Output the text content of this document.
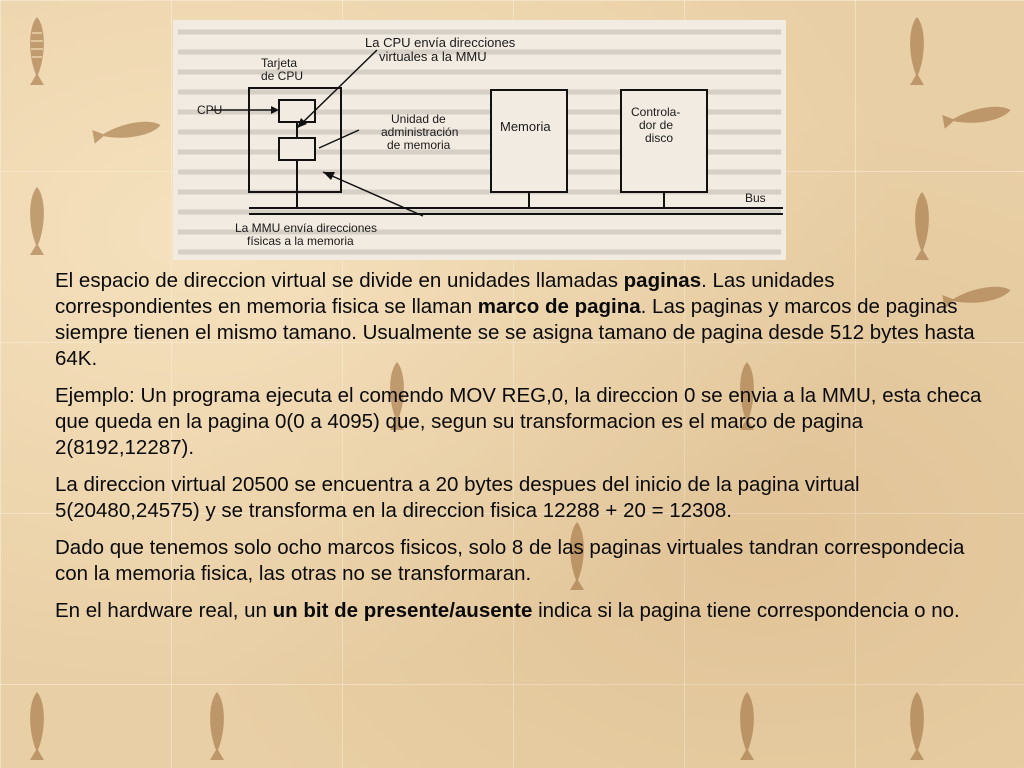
La CPU envía direcciones virtuales a la MMU
Tarjeta de CPU
CPU
Unidad de administración de memoria
Memoria
Controla- dor de disco
Bus
La MMU envía direcciones físicas a la memoria

El espacio de direccion virtual se divide en unidades llamadas paginas. Las unidades correspondientes en memoria fisica se llaman marco de pagina. Las paginas y marcos de paginas siempre tienen el mismo tamano. Usualmente se se asigna tamano de pagina desde 512 bytes hasta 64K.

Ejemplo: Un programa ejecuta el comendo MOV REG,0, la direccion 0 se envia a la MMU, esta checa que queda en la pagina 0(0 a 4095) que, segun su transformacion es el marco de pagina 2(8192,12287).

La direccion virtual 20500 se encuentra a 20 bytes despues del inicio de la pagina virtual 5(20480,24575) y se transforma en la direccion fisica 12288 + 20 = 12308.

Dado que tenemos solo ocho marcos fisicos, solo 8 de las paginas virtuales tandran correspondecia con la memoria fisica, las otras no se transformaran.

En el hardware real, un un bit de presente/ausente indica si la pagina tiene correspondencia o no.
